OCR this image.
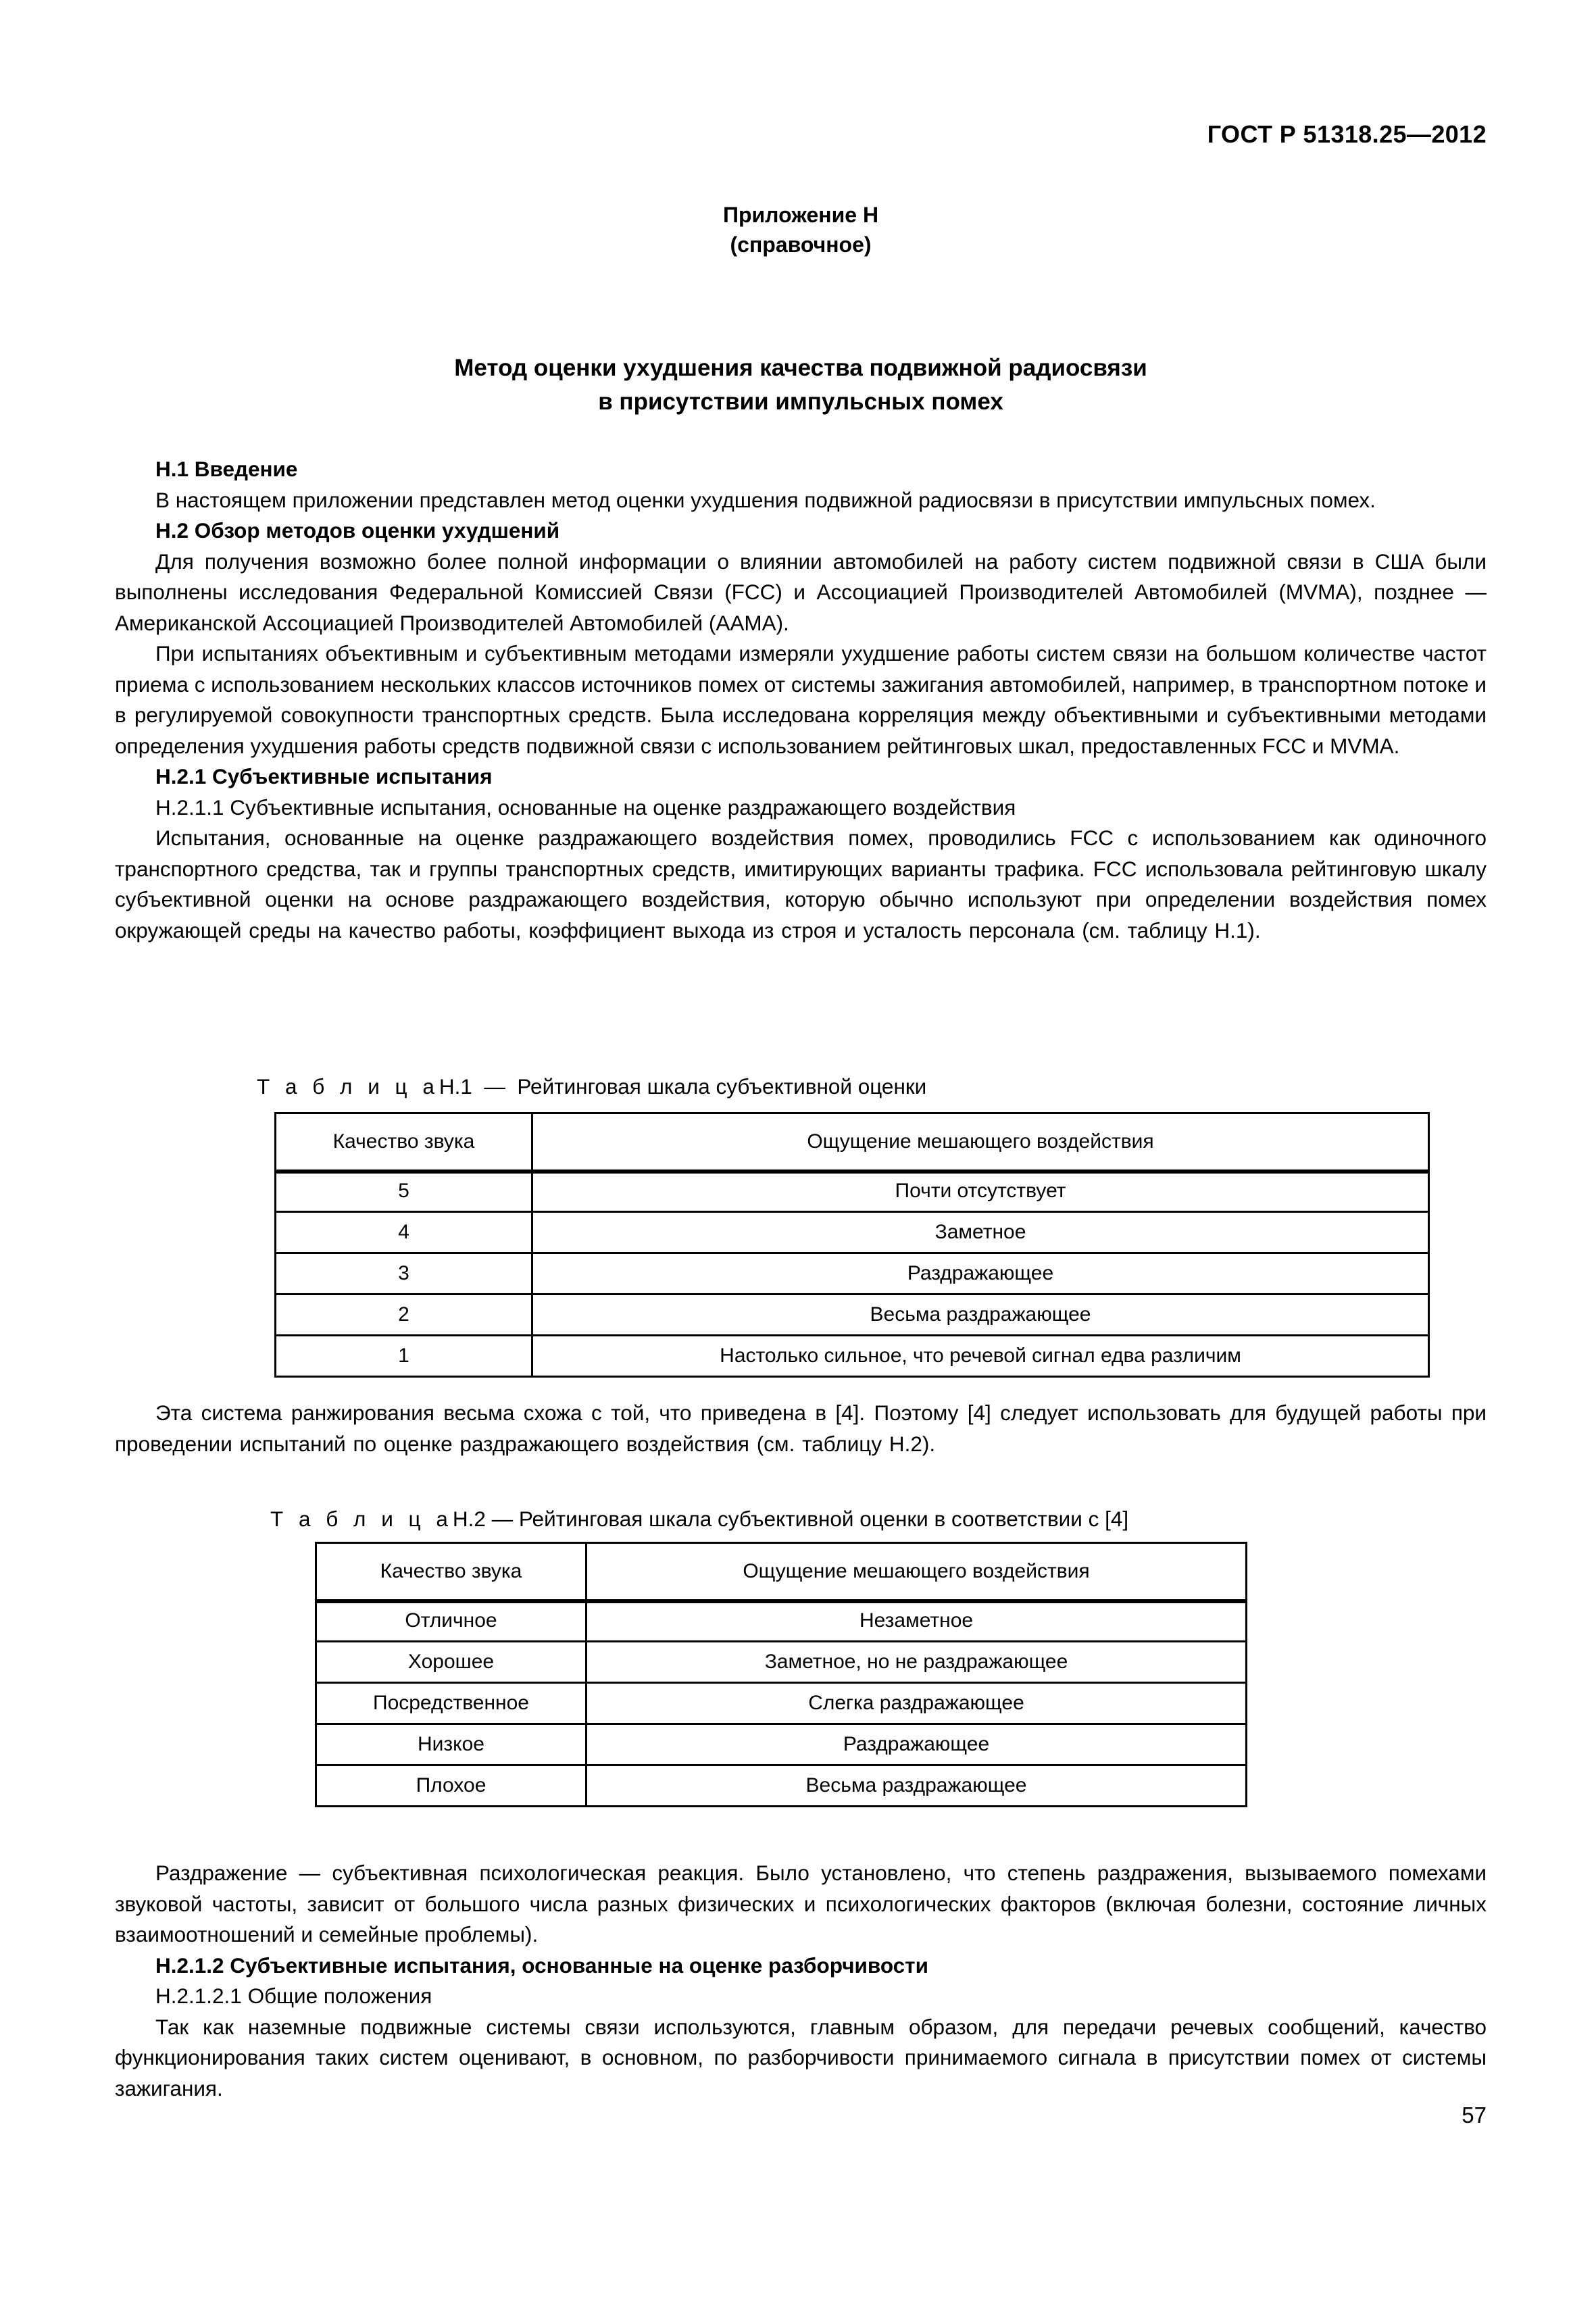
ГОСТ Р 51318.25—2012
Приложение Н
(справочное)
Метод оценки ухудшения качества подвижной радиосвязи
в присутствии импульсных помех

Н.1 Введение

В настоящем приложении представлен метод оценки ухудшения подвижной радиосвязи в присутствии импульсных помех.

Н.2 Обзор методов оценки ухудшений

Для получения возможно более полной информации о влиянии автомобилей на работу систем подвижной связи в США были выполнены исследования Федеральной Комиссией Связи (FCC) и Ассоциацией Производителей Автомобилей (MVMA), позднее — Американской Ассоциацией Производителей Автомобилей (AAMA).

При испытаниях объективным и субъективным методами измеряли ухудшение работы систем связи на большом количестве частот приема с использованием нескольких классов источников помех от системы зажигания автомобилей, например, в транспортном потоке и в регулируемой совокупности транспортных средств. Была исследована корреляция между объективными и субъективными методами определения ухудшения работы средств подвижной связи с использованием рейтинговых шкал, предоставленных FCC и MVMA.

Н.2.1 Субъективные испытания

Н.2.1.1 Субъективные испытания, основанные на оценке раздражающего воздействия

Испытания, основанные на оценке раздражающего воздействия помех, проводились FCC с использованием как одиночного транспортного средства, так и группы транспортных средств, имитирующих варианты трафика. FCC использовала рейтинговую шкалу субъективной оценки на основе раздражающего воздействия, которую обычно используют при определении воздействия помех окружающей среды на качество работы, коэффициент выхода из строя и усталость персонала (см. таблицу Н.1).

Т а б л и ц аН.1 — Рейтинговая шкала субъективной оценки
Качество звука	Ощущение мешающего воздействия
5	Почти отсутствует
4	Заметное
3	Раздражающее
2	Весьма раздражающее
1	Настолько сильное, что речевой сигнал едва различим

Эта система ранжирования весьма схожа с той, что приведена в [4]. Поэтому [4] следует использовать для будущей работы при проведении испытаний по оценке раздражающего воздействия (см. таблицу Н.2).

Т а б л и ц аН.2 — Рейтинговая шкала субъективной оценки в соответствии с [4]
Качество звука	Ощущение мешающего воздействия
Отличное	Незаметное
Хорошее	Заметное, но не раздражающее
Посредственное	Слегка раздражающее
Низкое	Раздражающее
Плохое	Весьма раздражающее

Раздражение — субъективная психологическая реакция. Было установлено, что степень раздражения, вызываемого помехами звуковой частоты, зависит от большого числа разных физических и психологических факторов (включая болезни, состояние личных взаимоотношений и семейные проблемы).

Н.2.1.2 Субъективные испытания, основанные на оценке разборчивости

Н.2.1.2.1 Общие положения

Так как наземные подвижные системы связи используются, главным образом, для передачи речевых сообщений, качество функционирования таких систем оценивают, в основном, по разборчивости принимаемого сигнала в присутствии помех от системы зажигания.

57
